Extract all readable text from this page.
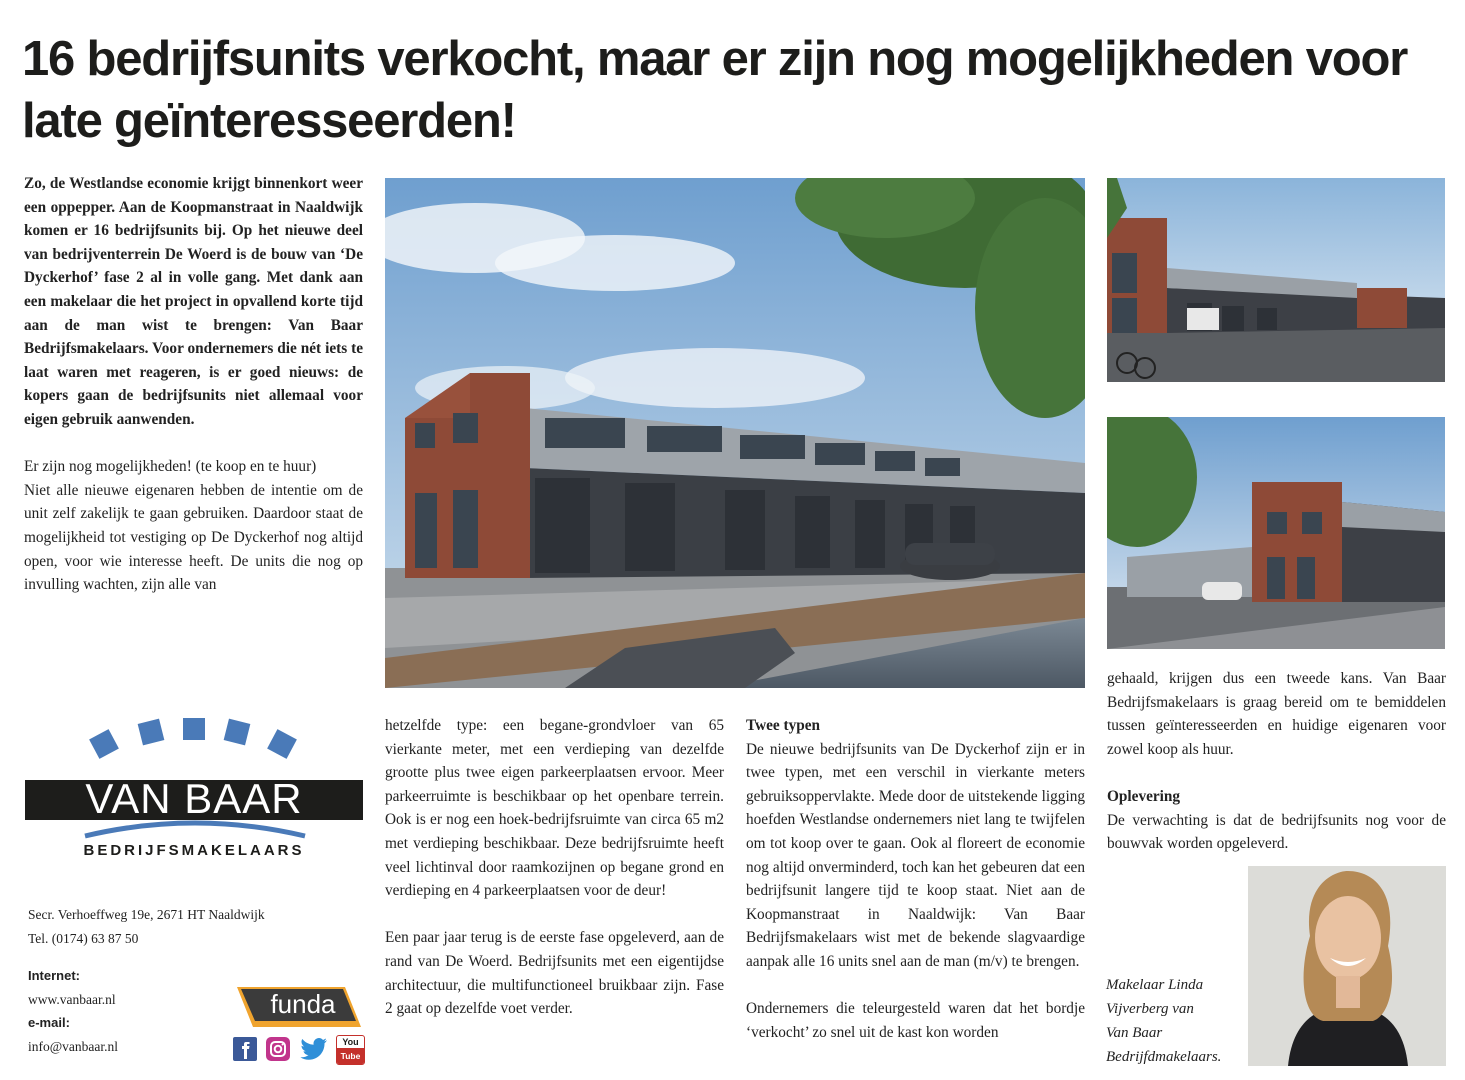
16 bedrijfsunits verkocht, maar er zijn nog mogelijkheden voor late geïnteresseerden!

Zo, de Westlandse economie krijgt binnenkort weer een oppepper. Aan de Koopmanstraat in Naaldwijk komen er 16 bedrijfsunits bij. Op het nieuwe deel van bedrijventerrein De Woerd is de bouw van ‘De Dyckerhof’ fase 2 al in volle gang. Met dank aan een makelaar die het project in opvallend korte tijd aan de man wist te brengen: Van Baar Bedrijfsmakelaars. Voor ondernemers die nét iets te laat waren met reageren, is er goed nieuws: de kopers gaan de bedrijfsunits niet allemaal voor eigen gebruik aanwenden.

Er zijn nog mogelijkheden! (te koop en te huur)

Niet alle nieuwe eigenaren hebben de intentie om de unit zelf zakelijk te gaan gebruiken. Daardoor staat de mogelijkheid tot vestiging op De Dyckerhof nog altijd open, voor wie interesse heeft. De units die nog op invulling wachten, zijn alle van

hetzelfde type: een begane-grondvloer van 65 vierkante meter, met een verdieping van dezelfde grootte plus twee eigen parkeerplaatsen ervoor. Meer parkeerruimte is beschikbaar op het openbare terrein. Ook is er nog een hoek-bedrijfsruimte van circa 65 m2 met verdieping beschikbaar. Deze bedrijfsruimte heeft veel lichtinval door raamkozijnen op begane grond en verdieping en 4 parkeerplaatsen voor de deur!

Een paar jaar terug is de eerste fase opgeleverd, aan de rand van De Woerd. Bedrijfsunits met een eigentijdse architectuur, die multifunctioneel bruikbaar zijn. Fase 2 gaat op dezelfde voet verder.

Twee typen

De nieuwe bedrijfsunits van De Dyckerhof zijn er in twee typen, met een verschil in vierkante meters gebruiksoppervlakte. Mede door de uitstekende ligging hoefden Westlandse ondernemers niet lang te twijfelen om tot koop over te gaan. Ook al floreert de economie nog altijd onverminderd, toch kan het gebeuren dat een bedrijfsunit langere tijd te koop staat. Niet aan de Koopmanstraat in Naaldwijk: Van Baar Bedrijfsmakelaars wist met de bekende slagvaardige aanpak alle 16 units snel aan de man (m/v) te brengen.

Ondernemers die teleurgesteld waren dat het bordje ‘verkocht’ zo snel uit de kast kon worden

gehaald, krijgen dus een tweede kans. Van Baar Bedrijfsmakelaars is graag bereid om te bemiddelen tussen geïnteresseerden en huidige eigenaren voor zowel koop als huur.

Oplevering

De verwachting is dat de bedrijfsunits nog voor de bouwvak worden opgeleverd.

Makelaar Linda
Vijverberg van
Van Baar
Bedrijfdmakelaars.
VAN BAAR
BEDRIJFSMAKELAARS
Secr. Verhoeffweg 19e, 2671 HT Naaldwijk
Tel. (0174) 63 87 50
Internet:
www.vanbaar.nl
e-mail:
info@vanbaar.nl
funda
You
Tube
